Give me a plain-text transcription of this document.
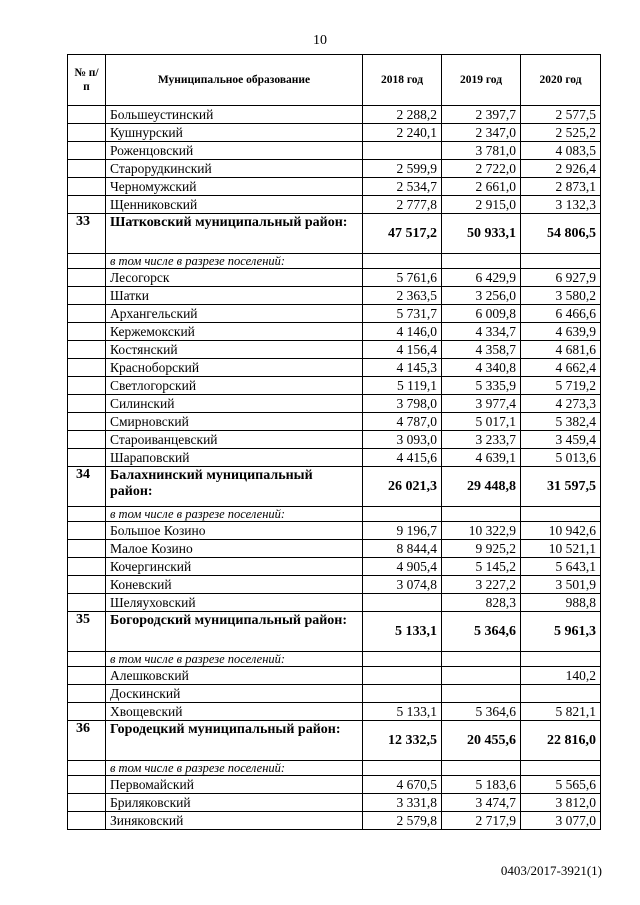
10
№ п/п	Муниципальное образование	2018 год	2019 год	2020 год
	Большеустинский	2 288,2	2 397,7	2 577,5
	Кушнурский	2 240,1	2 347,0	2 525,2
	Роженцовский		3 781,0	4 083,5
	Старорудкинский	2 599,9	2 722,0	2 926,4
	Черномужский	2 534,7	2 661,0	2 873,1
	Щенниковский	2 777,8	2 915,0	3 132,3
33	Шатковский муниципальный район:	47 517,2	50 933,1	54 806,5
	в том числе в разрезе поселений:			
	Лесогорск	5 761,6	6 429,9	6 927,9
	Шатки	2 363,5	3 256,0	3 580,2
	Архангельский	5 731,7	6 009,8	6 466,6
	Кержемокский	4 146,0	4 334,7	4 639,9
	Костянский	4 156,4	4 358,7	4 681,6
	Красноборский	4 145,3	4 340,8	4 662,4
	Светлогорский	5 119,1	5 335,9	5 719,2
	Силинский	3 798,0	3 977,4	4 273,3
	Смирновский	4 787,0	5 017,1	5 382,4
	Староиванцевский	3 093,0	3 233,7	3 459,4
	Шараповский	4 415,6	4 639,1	5 013,6
34	Балахнинский муниципальный район:	26 021,3	29 448,8	31 597,5
	в том числе в разрезе поселений:			
	Большое Козино	9 196,7	10 322,9	10 942,6
	Малое Козино	8 844,4	9 925,2	10 521,1
	Кочергинский	4 905,4	5 145,2	5 643,1
	Коневский	3 074,8	3 227,2	3 501,9
	Шеляуховский		828,3	988,8
35	Богородский муниципальный район:	5 133,1	5 364,6	5 961,3
	в том числе в разрезе поселений:			
	Алешковский			140,2
	Доскинский			
	Хвощевский	5 133,1	5 364,6	5 821,1
36	Городецкий муниципальный район:	12 332,5	20 455,6	22 816,0
	в том числе в разрезе поселений:			
	Первомайский	4 670,5	5 183,6	5 565,6
	Бриляковский	3 331,8	3 474,7	3 812,0
	Зиняковский	2 579,8	2 717,9	3 077,0
0403/2017-3921(1)
